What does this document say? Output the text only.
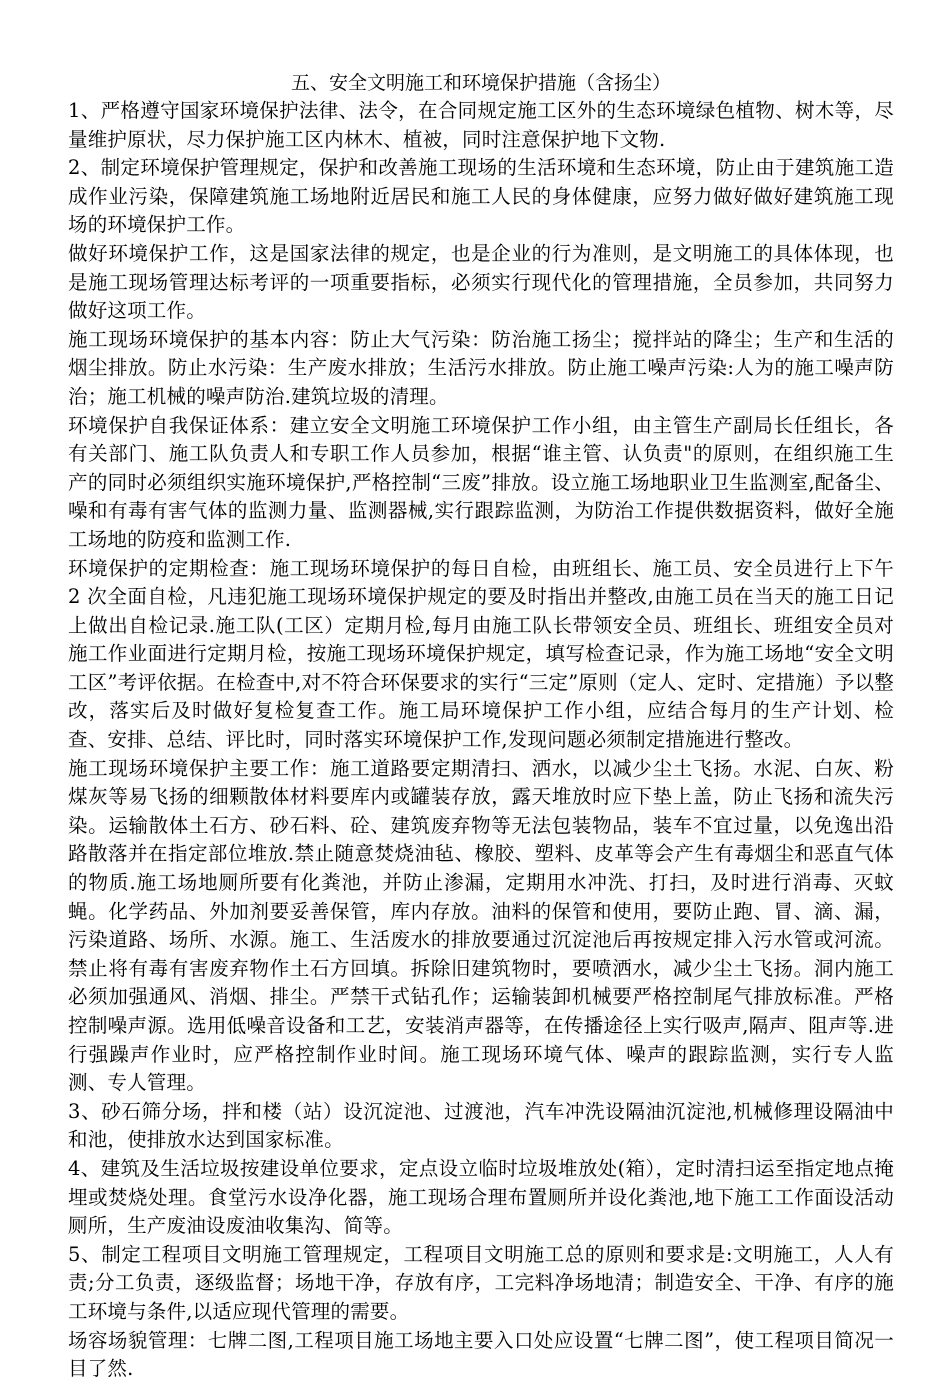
五、安全文明施工和环境保护措施（含扬尘）

1、严格遵守国家环境保护法律、法令，在合同规定施工区外的生态环境绿色植物、树木等，尽量维护原状，尽力保护施工区内林木、植被，同时注意保护地下文物.

2、制定环境保护管理规定，保护和改善施工现场的生活环境和生态环境，防止由于建筑施工造成作业污染，保障建筑施工场地附近居民和施工人民的身体健康，应努力做好做好建筑施工现场的环境保护工作。

做好环境保护工作，这是国家法律的规定，也是企业的行为准则，是文明施工的具体体现，也是施工现场管理达标考评的一项重要指标，必须实行现代化的管理措施，全员参加，共同努力做好这项工作。

施工现场环境保护的基本内容：防止大气污染：防治施工扬尘；搅拌站的降尘；生产和生活的烟尘排放。防止水污染：生产废水排放；生活污水排放。防止施工噪声污染:人为的施工噪声防治；施工机械的噪声防治.建筑垃圾的清理。

环境保护自我保证体系：建立安全文明施工环境保护工作小组，由主管生产副局长任组长，各有关部门、施工队负责人和专职工作人员参加，根据“谁主管、认负责"的原则，在组织施工生产的同时必须组织实施环境保护,严格控制“三废”排放。设立施工场地职业卫生监测室,配备尘、噪和有毒有害气体的监测力量、监测器械,实行跟踪监测，为防治工作提供数据资料，做好全施工场地的防疫和监测工作.

环境保护的定期检查：施工现场环境保护的每日自检，由班组长、施工员、安全员进行上下午 2 次全面自检，凡违犯施工现场环境保护规定的要及时指出并整改,由施工员在当天的施工日记上做出自检记录.施工队(工区）定期月检,每月由施工队长带领安全员、班组长、班组安全员对施工作业面进行定期月检，按施工现场环境保护规定，填写检查记录，作为施工场地“安全文明工区”考评依据。在检查中,对不符合环保要求的实行“三定”原则（定人、定时、定措施）予以整改，落实后及时做好复检复查工作。施工局环境保护工作小组，应结合每月的生产计划、检查、安排、总结、评比时，同时落实环境保护工作,发现问题必须制定措施进行整改。

施工现场环境保护主要工作：施工道路要定期清扫、洒水，以减少尘土飞扬。水泥、白灰、粉煤灰等易飞扬的细颗散体材料要库内或罐装存放，露天堆放时应下垫上盖，防止飞扬和流失污染。运输散体土石方、砂石料、砼、建筑废弃物等无法包装物品，装车不宜过量，以免逸出沿路散落并在指定部位堆放.禁止随意焚烧油毡、橡胶、塑料、皮革等会产生有毒烟尘和恶直气体的物质.施工场地厕所要有化粪池，并防止渗漏，定期用水冲洗、打扫，及时进行消毒、灭蚊蝇。化学药品、外加剂要妥善保管，库内存放。油料的保管和使用，要防止跑、冒、滴、漏，污染道路、场所、水源。施工、生活废水的排放要通过沉淀池后再按规定排入污水管或河流。禁止将有毒有害废弃物作土石方回填。拆除旧建筑物时，要喷洒水，减少尘土飞扬。洞内施工必须加强通风、消烟、排尘。严禁干式钻孔作；运输装卸机械要严格控制尾气排放标准。严格控制噪声源。选用低噪音设备和工艺，安装消声器等，在传播途径上实行吸声,隔声、阻声等.进行强躁声作业时，应严格控制作业时间。施工现场环境气体、噪声的跟踪监测，实行专人监测、专人管理。

3、砂石筛分场，拌和楼（站）设沉淀池、过渡池，汽车冲洗设隔油沉淀池,机械修理设隔油中和池，使排放水达到国家标准。

4、建筑及生活垃圾按建设单位要求，定点设立临时垃圾堆放处(箱），定时清扫运至指定地点掩埋或焚烧处理。食堂污水设净化器，施工现场合理布置厕所并设化粪池,地下施工工作面设活动厕所，生产废油设废油收集沟、简等。

5、制定工程项目文明施工管理规定，工程项目文明施工总的原则和要求是:文明施工，人人有责;分工负责，逐级监督；场地干净，存放有序，工完料净场地清；制造安全、干净、有序的施工环境与条件,以适应现代管理的需要。

场容场貌管理：七牌二图,工程项目施工场地主要入口处应设置“七牌二图”，使工程项目简况一目了然.
